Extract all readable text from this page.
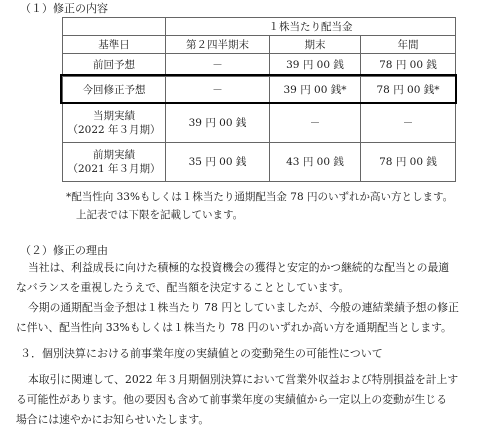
（１）修正の内容
	１株当たり配当金		
基準日	第２四半期末	期末	年間
前回予想	－	39 円 00 銭	78 円 00 銭
今回修正予想	－	39 円 00 銭*	78 円 00 銭*

当期実績
（2022 年３月期）	39 円 00 銭	－	－

前期実績
（2021 年３月期）	35 円 00 銭	43 円 00 銭	78 円 00 銭
*配当性向 33%もしくは１株当たり通期配当金 78 円のいずれか高い方とします。
上記表では下限を記載しています。
（２）修正の理由
当社は、利益成長に向けた積極的な投資機会の獲得と安定的かつ継続的な配当との最適
なバランスを重視したうえで、配当額を決定することとしています。
今期の通期配当金予想は１株当たり 78 円としていましたが、今般の連結業績予想の修正
に伴い、配当性向 33%もしくは１株当たり 78 円のいずれか高い方を通期配当とします。
３．個別決算における前事業年度の実績値との変動発生の可能性について
本取引に関連して、2022 年３月期個別決算において営業外収益および特別損益を計上す
る可能性があります。他の要因も含めて前事業年度の実績値から一定以上の変動が生じる
場合には速やかにお知らせいたします。
